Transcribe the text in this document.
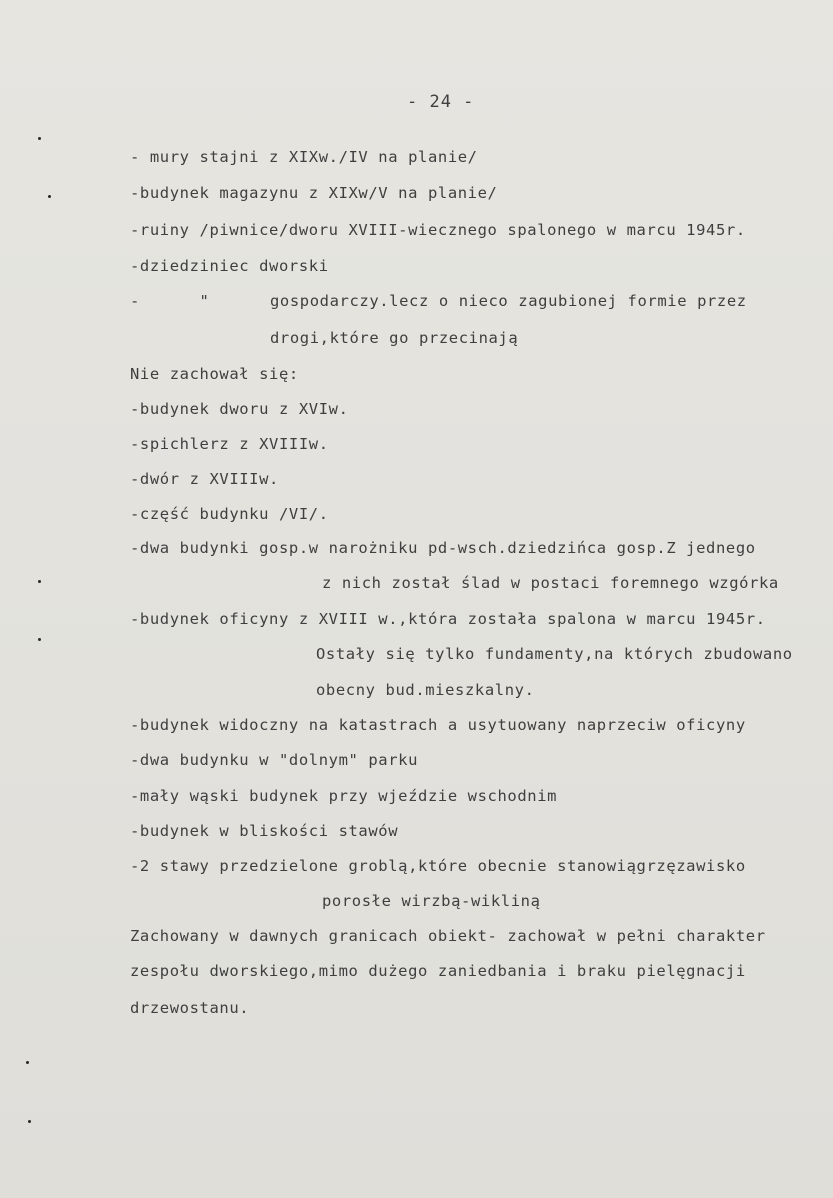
- 24 -
- mury stajni z XIXw./IV na planie/
-budynek magazynu z XIXw/V na planie/
-ruiny /piwnice/dworu XVIII-wiecznego spalonego w marcu 1945r.
-dziedziniec dworski
-      "	gospodarczy.lecz o nieco zagubionej formie przez
drogi,które go przecinają
Nie zachował się:
-budynek dworu z XVIw.
-spichlerz z XVIIIw.
-dwór z XVIIIw.
-część budynku /VI/.
-dwa budynki gosp.w narożniku pd-wsch.dziedzińca gosp.Z jednego
z nich został ślad w postaci foremnego wzgórka
-budynek oficyny z XVIII w.,która została spalona w marcu 1945r.
Ostały się tylko fundamenty,na których zbudowano
obecny bud.mieszkalny.
-budynek widoczny na katastrach a usytuowany naprzeciw oficyny
-dwa budynku w "dolnym" parku
-mały wąski budynek przy wjeździe wschodnim
-budynek w bliskości stawów
-2 stawy przedzielone groblą,które obecnie stanowiągrzęzawisko
porosłe wirzbą-wikliną
Zachowany w dawnych granicach obiekt- zachował w pełni charakter
zespołu dworskiego,mimo dużego zaniedbania i braku pielęgnacji
drzewostanu.
